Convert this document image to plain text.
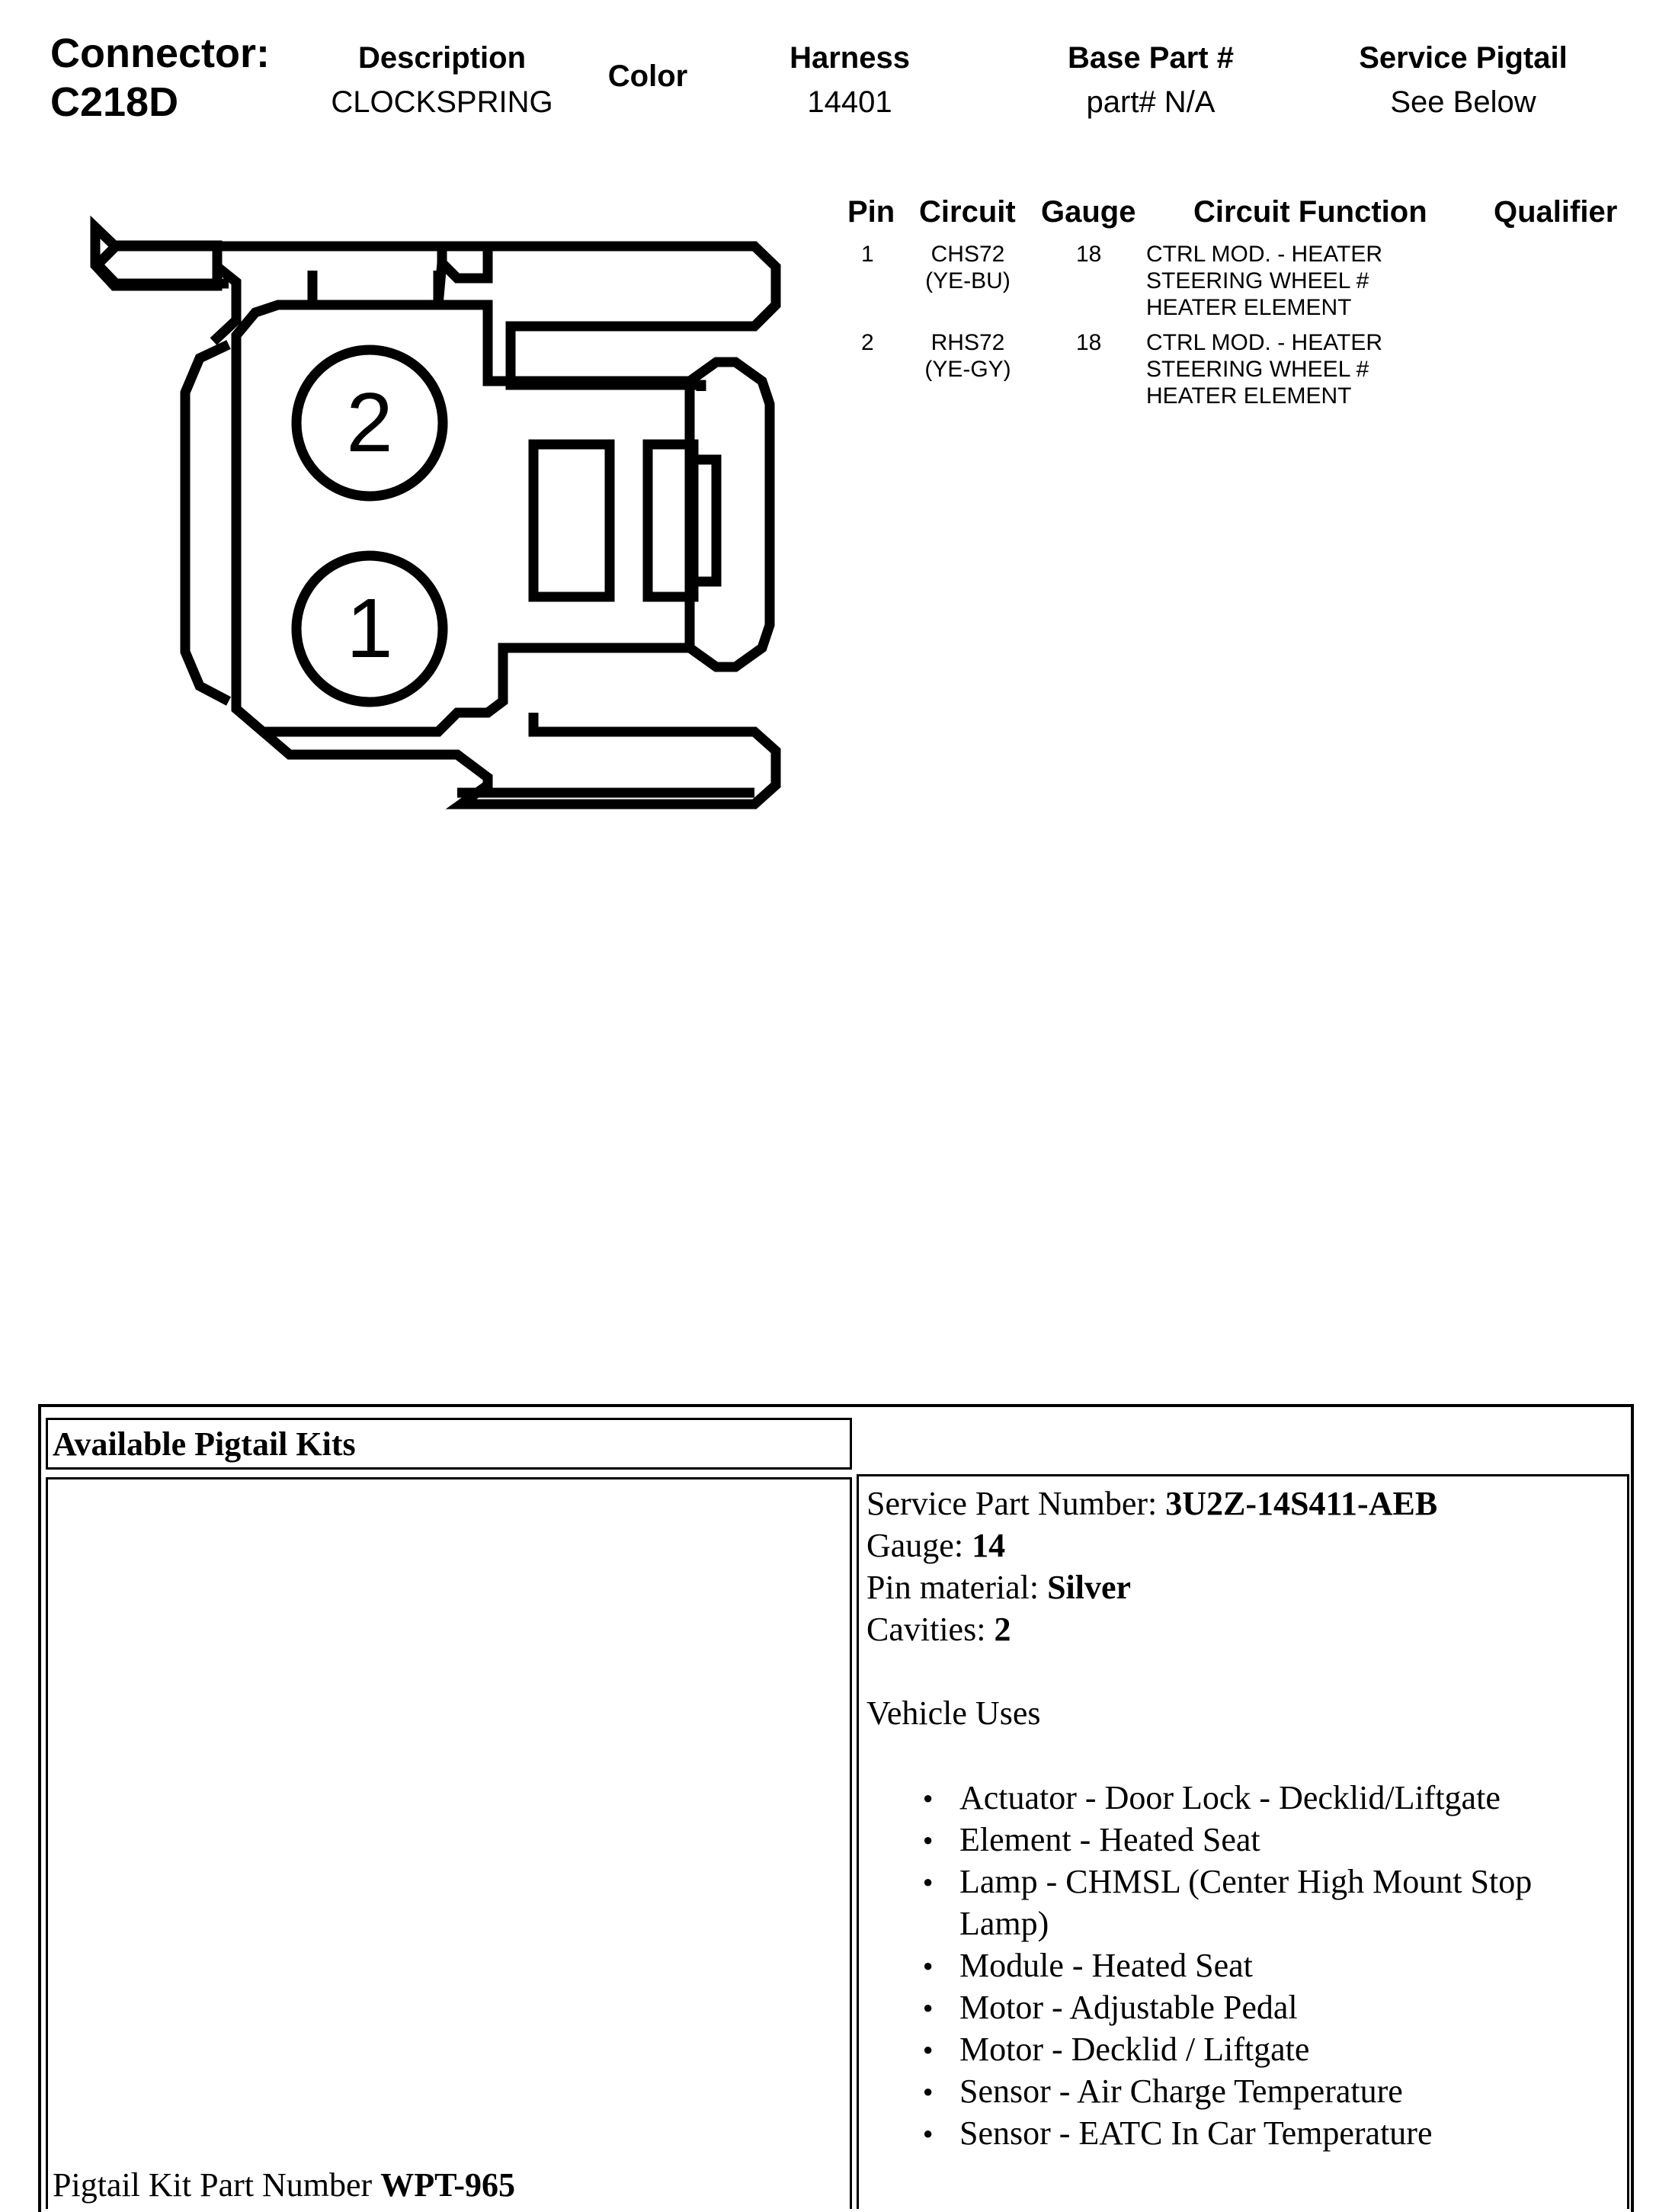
Connector:
C218D
Description
CLOCKSPRING
Color
Harness
14401
Base Part #
part# N/A
Service Pigtail
See Below
2
1
Pin Circuit Gauge Circuit Function Qualifier
1	CHS72
(YE-BU)
18 CTRL MOD. - HEATER
STEERING WHEEL #
HEATER ELEMENT
2	RHS72
(YE-GY)
18 CTRL MOD. - HEATER
STEERING WHEEL #
HEATER ELEMENT
Available Pigtail Kits
Pigtail Kit Part Number WPT-965
Service Part Number: 3U2Z-14S411-AEB
Gauge: 14
Pin material: Silver
Cavities: 2
Vehicle Uses
● Actuator - Door Lock - Decklid/Liftgate
● Element - Heated Seat
● Lamp - CHMSL (Center High Mount Stop Lamp)
● Module - Heated Seat
● Motor - Adjustable Pedal
● Motor - Decklid / Liftgate
● Sensor - Air Charge Temperature
● Sensor - EATC In Car Temperature
